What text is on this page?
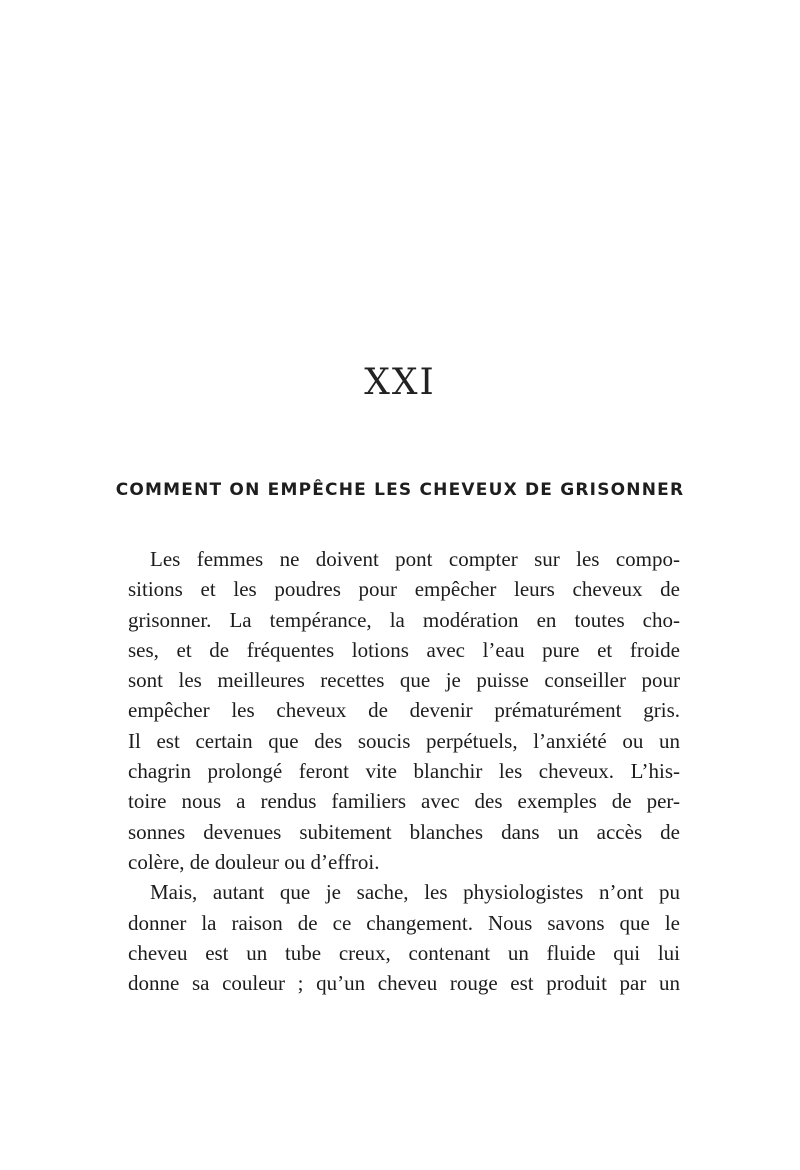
XXI
COMMENT ON EMPÊCHE LES CHEVEUX DE GRISONNER
Les femmes ne doivent pont compter sur les compo-
sitions et les poudres pour empêcher leurs cheveux de
grisonner. La tempérance, la modération en toutes cho-
ses, et de fréquentes lotions avec l’eau pure et froide
sont les meilleures recettes que je puisse conseiller pour
empêcher les cheveux de devenir prématurément gris.
Il est certain que des soucis perpétuels, l’anxiété ou un
chagrin prolongé feront vite blanchir les cheveux. L’his-
toire nous a rendus familiers avec des exemples de per-
sonnes devenues subitement blanches dans un accès de
colère, de douleur ou d’effroi.
Mais, autant que je sache, les physiologistes n’ont pu
donner la raison de ce changement. Nous savons que le
cheveu est un tube creux, contenant un fluide qui lui
donne sa couleur ; qu’un cheveu rouge est produit par un
